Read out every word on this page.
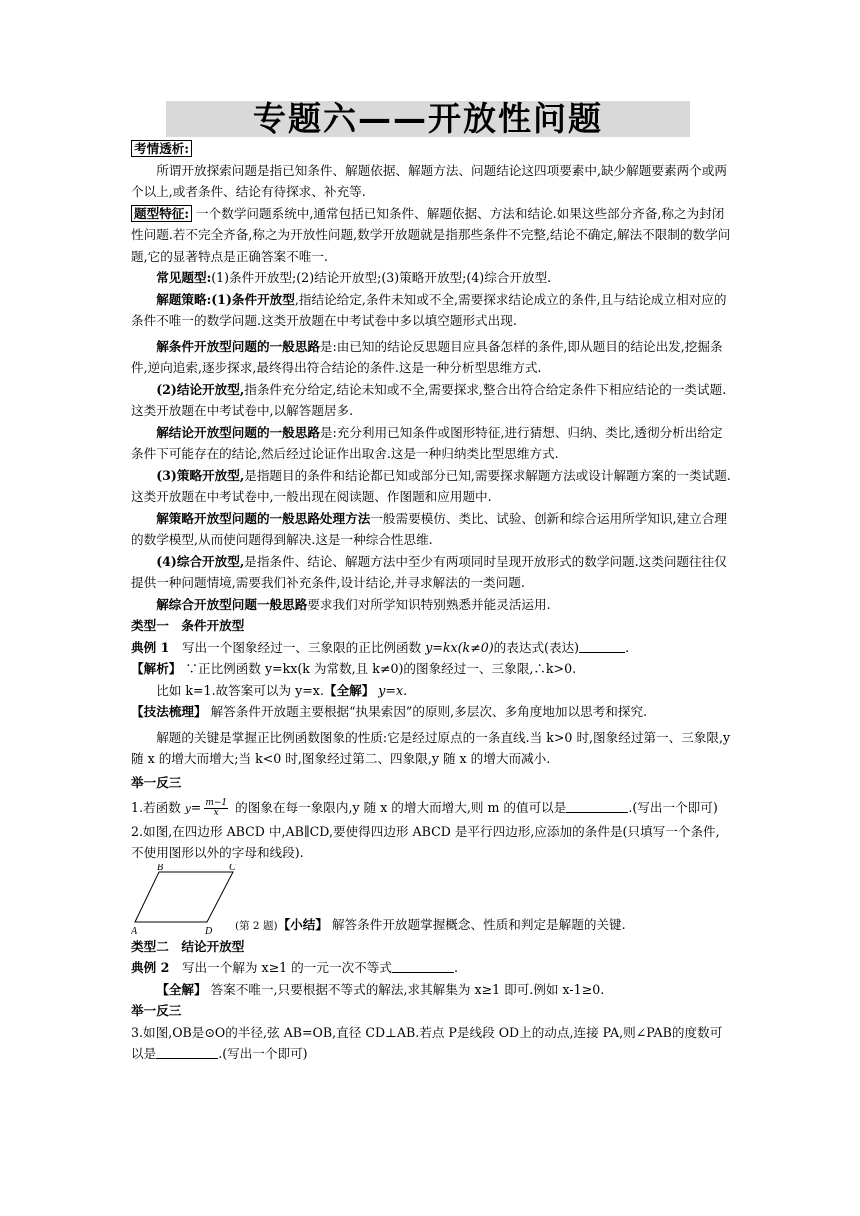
专题六——开放性问题

考情透析:

所谓开放探索问题是指已知条件、解题依据、解题方法、问题结论这四项要素中,缺少解题要素两个或两个以上,或者条件、结论有待探求、补充等.

题型特征: 一个数学问题系统中,通常包括已知条件、解题依据、方法和结论.如果这些部分齐备,称之为封闭性问题.若不完全齐备,称之为开放性问题,数学开放题就是指那些条件不完整,结论不确定,解法不限制的数学问题,它的显著特点是正确答案不唯一.

常见题型:(1)条件开放型;(2)结论开放型;(3)策略开放型;(4)综合开放型.

解题策略:(1)条件开放型,指结论给定,条件未知或不全,需要探求结论成立的条件,且与结论成立相对应的条件不唯一的数学问题.这类开放题在中考试卷中多以填空题形式出现.

解条件开放型问题的一般思路是:由已知的结论反思题目应具备怎样的条件,即从题目的结论出发,挖掘条件,逆向追索,逐步探求,最终得出符合结论的条件.这是一种分析型思维方式.

(2)结论开放型,指条件充分给定,结论未知或不全,需要探求,整合出符合给定条件下相应结论的一类试题.这类开放题在中考试卷中,以解答题居多.

解结论开放型问题的一般思路是:充分利用已知条件或图形特征,进行猜想、归纳、类比,透彻分析出给定条件下可能存在的结论,然后经过论证作出取舍.这是一种归纳类比型思维方式.

(3)策略开放型,是指题目的条件和结论都已知或部分已知,需要探求解题方法或设计解题方案的一类试题.这类开放题在中考试卷中,一般出现在阅读题、作图题和应用题中.

解策略开放型问题的一般思路处理方法一般需要模仿、类比、试验、创新和综合运用所学知识,建立合理的数学模型,从而使问题得到解决.这是一种综合性思维.

(4)综合开放型,是指条件、结论、解题方法中至少有两项同时呈现开放形式的数学问题.这类问题往往仅提供一种问题情境,需要我们补充条件,设计结论,并寻求解法的一类问题.

解综合开放型问题一般思路要求我们对所学知识特别熟悉并能灵活运用.

类型一　条件开放型

典例 1　写出一个图象经过一、三象限的正比例函数 y=kx(k≠0)的表达式(表达)	.

【解析】 ∵正比例函数 y=kx(k 为常数,且 k≠0)的图象经过一、三象限,∴k>0.

比如 k=1.故答案可以为 y=x.【全解】 y=x.

【技法梳理】 解答条件开放题主要根据“执果索因”的原则,多层次、多角度地加以思考和探究.

解题的关键是掌握正比例函数图象的性质:它是经过原点的一条直线.当 k>0 时,图象经过第一、三象限,y 随 x 的增大而增大;当 k<0 时,图象经过第二、四象限,y 随 x 的增大而减小.

举一反三

1.若函数 $y= \frac{m-1}{x}$ 的图象在每一象限内,y 随 x 的增大而增大,则 m 的值可以是	.(写出一个即可)

2.如图,在四边形 ABCD 中,AB∥CD,要使得四边形 ABCD 是平行四边形,应添加的条件是(只填写一个条件,不使用图形以外的字母和线段).

B	C
A	D (第 2 题)【小结】 解答条件开放题掌握概念、性质和判定是解题的关键.

类型二　结论开放型

典例 2　写出一个解为 x≥1 的一元一次不等式	.

【全解】 答案不唯一,只要根据不等式的解法,求其解集为 x≥1 即可.例如 x-1≥0.

举一反三

3.如图,OB是⊙O的半径,弦 AB=OB,直径 CD⊥AB.若点 P是线段 OD上的动点,连接 PA,则∠PAB的度数可以是	.(写出一个即可)
